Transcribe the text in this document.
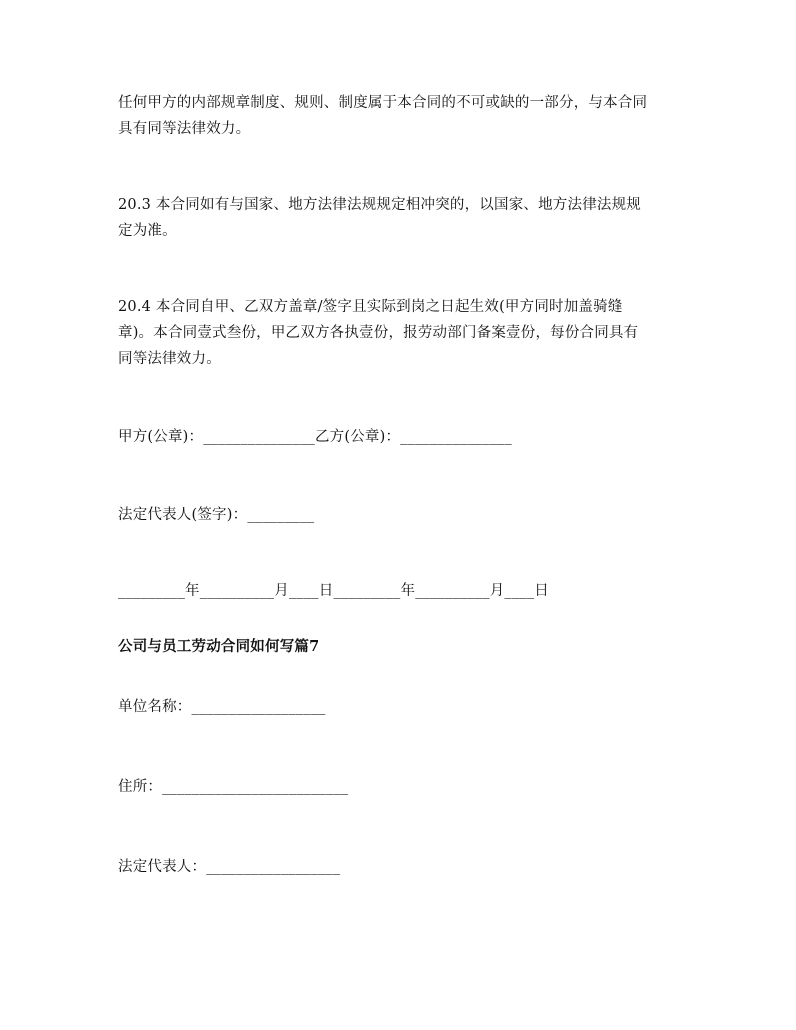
任何甲方的内部规章制度、规则、制度属于本合同的不可或缺的一部分，与本合同
具有同等法律效力。
20.3 本合同如有与国家、地方法律法规规定相冲突的，以国家、地方法律法规规
定为准。
20.4 本合同自甲、乙双方盖章/签字且实际到岗之日起生效(甲方同时加盖骑缝
章)。本合同壹式叁份，甲乙双方各执壹份，报劳动部门备案壹份，每份合同具有
同等法律效力。
甲方(公章)：_______________乙方(公章)：_______________
法定代表人(签字)：_________
_________年__________月____日_________年__________月____日
公司与员工劳动合同如何写篇7
单位名称：__________________
住所：_________________________
法定代表人：__________________
